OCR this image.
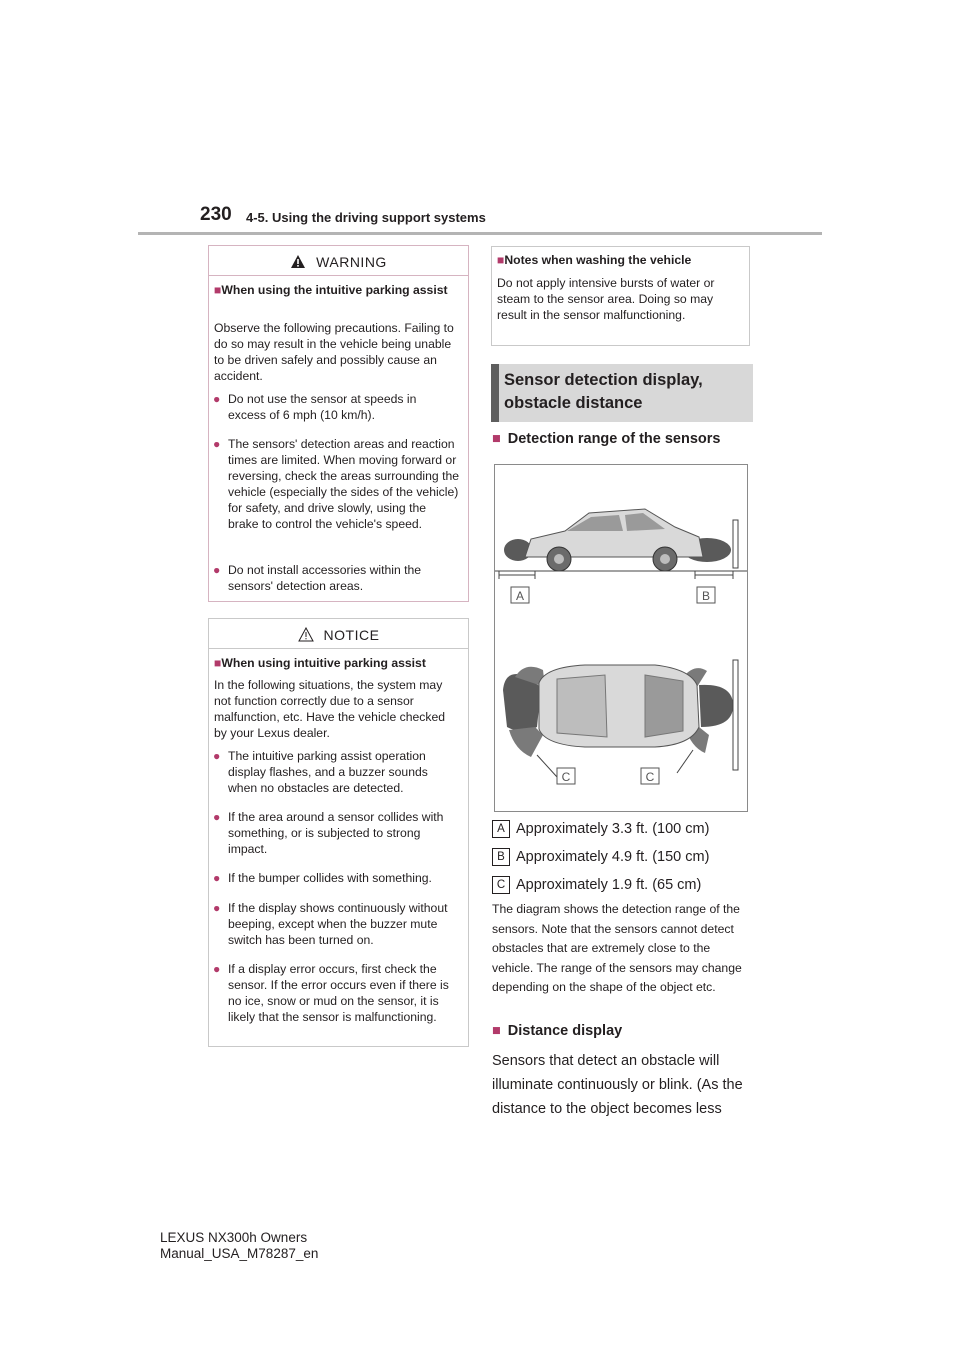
230 4-5. Using the driving support systems
WARNING
■When using the intuitive parking assist
Observe the following precautions. Failing to do so may result in the vehicle being unable to be driven safely and possibly cause an accident.
● Do not use the sensor at speeds in excess of 6 mph (10 km/h).
● The sensors' detection areas and reaction times are limited. When moving forward or reversing, check the areas surrounding the vehicle (especially the sides of the vehicle) for safety, and drive slowly, using the brake to control the vehicle's speed.
● Do not install accessories within the sensors' detection areas.
NOTICE
■When using intuitive parking assist
In the following situations, the system may not function correctly due to a sensor malfunction, etc. Have the vehicle checked by your Lexus dealer.
● The intuitive parking assist operation display flashes, and a buzzer sounds when no obstacles are detected.
● If the area around a sensor collides with something, or is subjected to strong impact.
● If the bumper collides with something.
● If the display shows continuously without beeping, except when the buzzer mute switch has been turned on.
● If a display error occurs, first check the sensor. If the error occurs even if there is no ice, snow or mud on the sensor, it is likely that the sensor is malfunctioning.
■Notes when washing the vehicle
Do not apply intensive bursts of water or steam to the sensor area. Doing so may result in the sensor malfunctioning.
Sensor detection display, obstacle distance
■ Detection range of the sensors
A	B
C	C
A Approximately 3.3 ft. (100 cm)
B Approximately 4.9 ft. (150 cm)
C Approximately 1.9 ft. (65 cm)
The diagram shows the detection range of the sensors. Note that the sensors cannot detect obstacles that are extremely close to the vehicle. The range of the sensors may change depending on the shape of the object etc.
■ Distance display
Sensors that detect an obstacle will illuminate continuously or blink. (As the distance to the object becomes less
LEXUS NX300h Owners Manual_USA_M78287_en
